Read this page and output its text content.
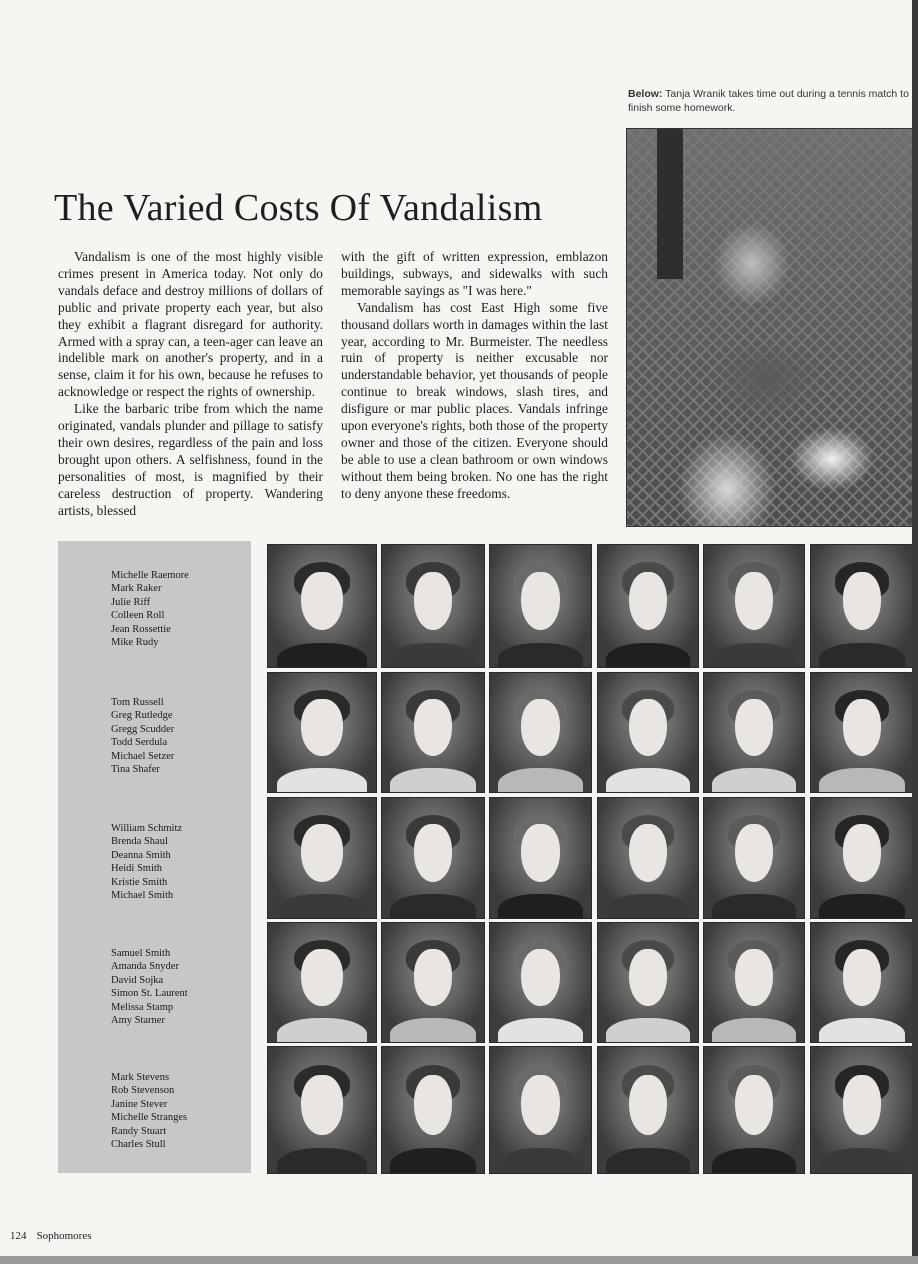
Below: Tanja Wranik takes time out during a tennis match to finish some homework.
The Varied Costs Of Vandalism

Vandalism is one of the most highly visible crimes present in America today. Not only do vandals deface and destroy millions of dollars of public and private property each year, but also they exhibit a flagrant disregard for authority. Armed with a spray can, a teen-ager can leave an indelible mark on another's property, and in a sense, claim it for his own, because he refuses to acknowledge or respect the rights of ownership.

Like the barbaric tribe from which the name originated, vandals plunder and pillage to satisfy their own desires, regardless of the pain and loss brought upon others. A selfishness, found in the personalities of most, is magnified by their careless destruction of property. Wandering artists, blessed

with the gift of written expression, emblazon buildings, subways, and sidewalks with such memorable sayings as "I was here."

Vandalism has cost East High some five thousand dollars worth in damages within the last year, according to Mr. Burmeister. The needless ruin of property is neither excusable nor understandable behavior, yet thousands of people continue to break windows, slash tires, and disfigure or mar public places. Vandals infringe upon everyone's rights, both those of the property owner and those of the citizen. Everyone should be able to use a clean bathroom or own windows without them being broken. No one has the right to deny anyone these freedoms.

Michelle Raemore
Mark Raker
Julie Riff
Colleen Roll
Jean Rossettie
Mike Rudy
Tom Russell
Greg Rutledge
Gregg Scudder
Todd Serdula
Michael Setzer
Tina Shafer
William Schmitz
Brenda Shaul
Deanna Smith
Heidi Smith
Kristie Smith
Michael Smith
Samuel Smith
Amanda Snyder
David Sojka
Simon St. Laurent
Melissa Stamp
Amy Starner
Mark Stevens
Rob Stevenson
Janine Stever
Michelle Stranges
Randy Stuart
Charles Stull
124 Sophomores
